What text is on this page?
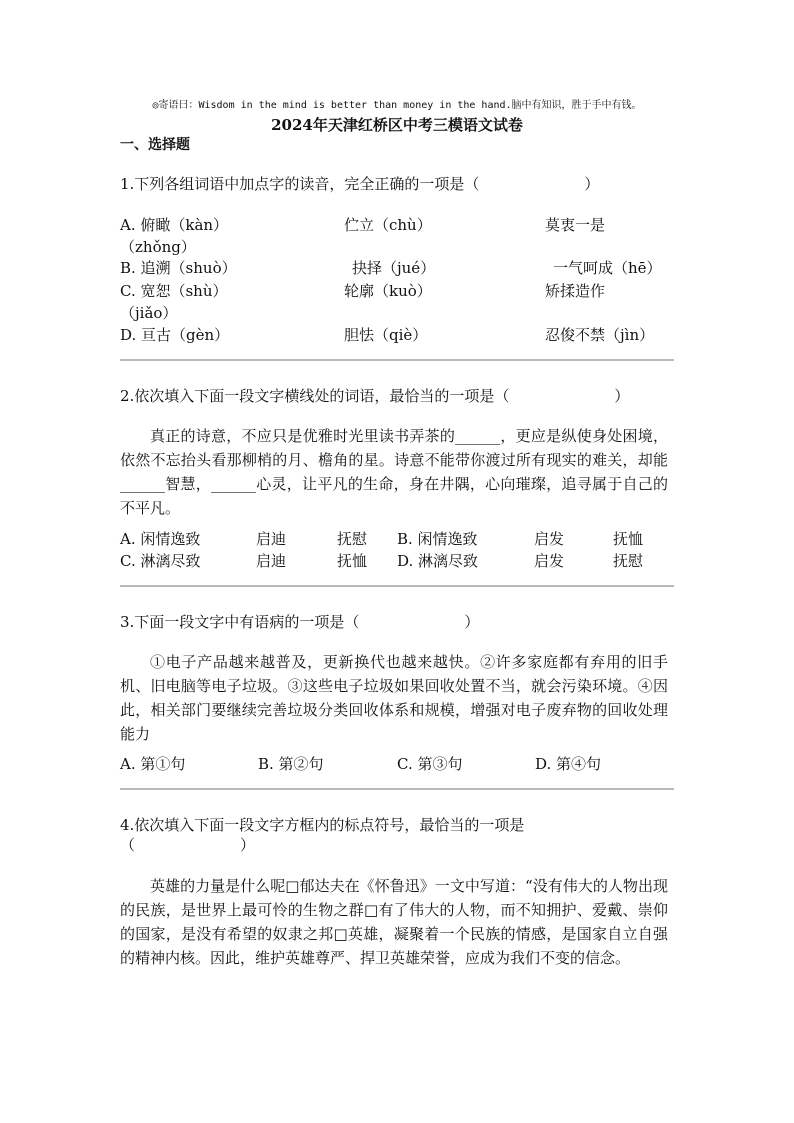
◎寄语曰：Wisdom in the mind is better than money in the hand.脑中有知识，胜于手中有钱。
2024年天津红桥区中考三模语文试卷
一、选择题
1.下列各组词语中加点字的读音，完全正确的一项是（　　　　　　　）
A. 俯瞰（kàn）	伫立（chù）	莫衷一是
（zhǒng）
B. 追溯（shuò）	抉择（jué）	一气呵成（hē）
C. 宽恕（shù）	轮廓（kuò）	矫揉造作
（jiǎo）
D. 亘古（gèn）	胆怯（qiè）	忍俊不禁（jìn）
2.依次填入下面一段文字横线处的词语，最恰当的一项是（　　　　　　　）
真正的诗意，不应只是优雅时光里读书弄茶的______，更应是纵使身处困境，依然不忘抬头看那柳梢的月、檐角的星。诗意不能带你渡过所有现实的难关，却能______智慧，______心灵，让平凡的生命，身在井隅，心向璀璨，追寻属于自己的不平凡。
A. 闲情逸致	启迪	抚慰 B. 闲情逸致	启发	抚恤
C. 淋漓尽致	启迪	抚恤 D. 淋漓尽致	启发	抚慰
3.下面一段文字中有语病的一项是（　　　　　　　）
①电子产品越来越普及，更新换代也越来越快。②许多家庭都有弃用的旧手机、旧电脑等电子垃圾。③这些电子垃圾如果回收处置不当，就会污染环境。④因此，相关部门要继续完善垃圾分类回收体系和规模，增强对电子废弃物的回收处理能力
A. 第①句	B. 第②句	C. 第③句	D. 第④句
4.依次填入下面一段文字方框内的标点符号，最恰当的一项是
（　　　　　　　）
英雄的力量是什么呢□郁达夫在《怀鲁迅》一文中写道：“没有伟大的人物出现的民族，是世界上最可怜的生物之群□有了伟大的人物，而不知拥护、爱戴、崇仰的国家，是没有希望的奴隶之邦□英雄，凝聚着一个民族的情感，是国家自立自强的精神内核。因此，维护英雄尊严、捍卫英雄荣誉，应成为我们不变的信念。
